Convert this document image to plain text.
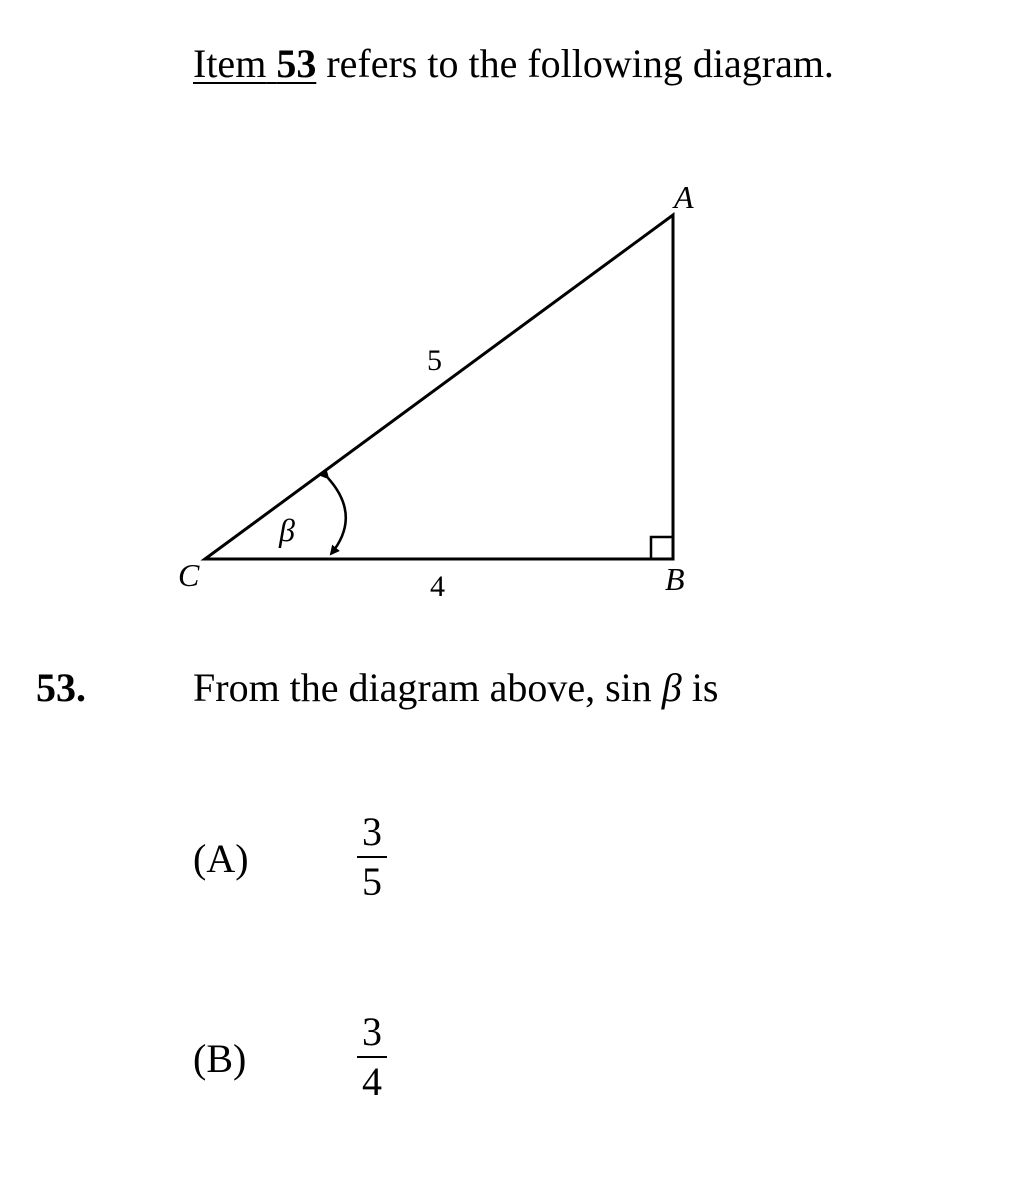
Item 53 refers to the following diagram.
A
B
C
5
4
β
53.	From the diagram above, sin β is
(A)
3
5
(B)
3
4
